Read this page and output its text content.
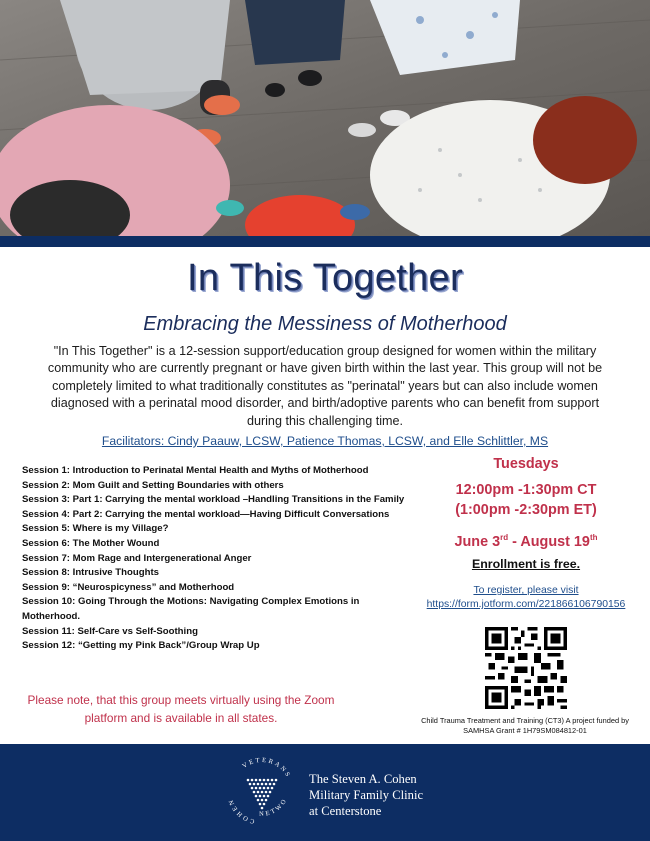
In This Together
Embracing the Messiness of Motherhood

"In This Together" is a 12-session support/education group designed for women within the military community who are currently pregnant or have given birth within the last year. This group will not be completely limited to what traditionally constitutes as "perinatal" years but can also include women diagnosed with a perinatal mood disorder, and birth/adoptive parents who can benefit from support during this challenging time.

Facilitators: Cindy Paauw, LCSW, Patience Thomas, LCSW, and Elle Schlittler, MS
Session 1: Introduction to Perinatal Mental Health and Myths of Motherhood
Session 2: Mom Guilt and Setting Boundaries with others
Session 3: Part 1: Carrying the mental workload –Handling Transitions in the Family
Session 4: Part 2: Carrying the mental workload—Having Difficult Conversations
Session 5: Where is my Village?
Session 6: The Mother Wound
Session 7: Mom Rage and Intergenerational Anger
Session 8: Intrusive Thoughts
Session 9: “Neurospicyness” and Motherhood
Session 10: Going Through the Motions: Navigating Complex Emotions in Motherhood.
Session 11: Self-Care vs Self-Soothing
Session 12: “Getting my Pink Back”/Group Wrap Up

Please note, that this group meets virtually using the Zoom platform and is available in all states.

Tuesdays
12:00pm -1:30pm CT
(1:00pm -2:30pm ET)
June 3rd - August 19th
Enrollment is free.
To register, please visit
https://form.jotform.com/221866106790156

Child Trauma Treatment and Training (CT3) A project funded by SAMHSA Grant # 1H79SM084812-01

VETERANS
NETWO
COHEN
The Steven A. Cohen
Military Family Clinic
at Centerstone
